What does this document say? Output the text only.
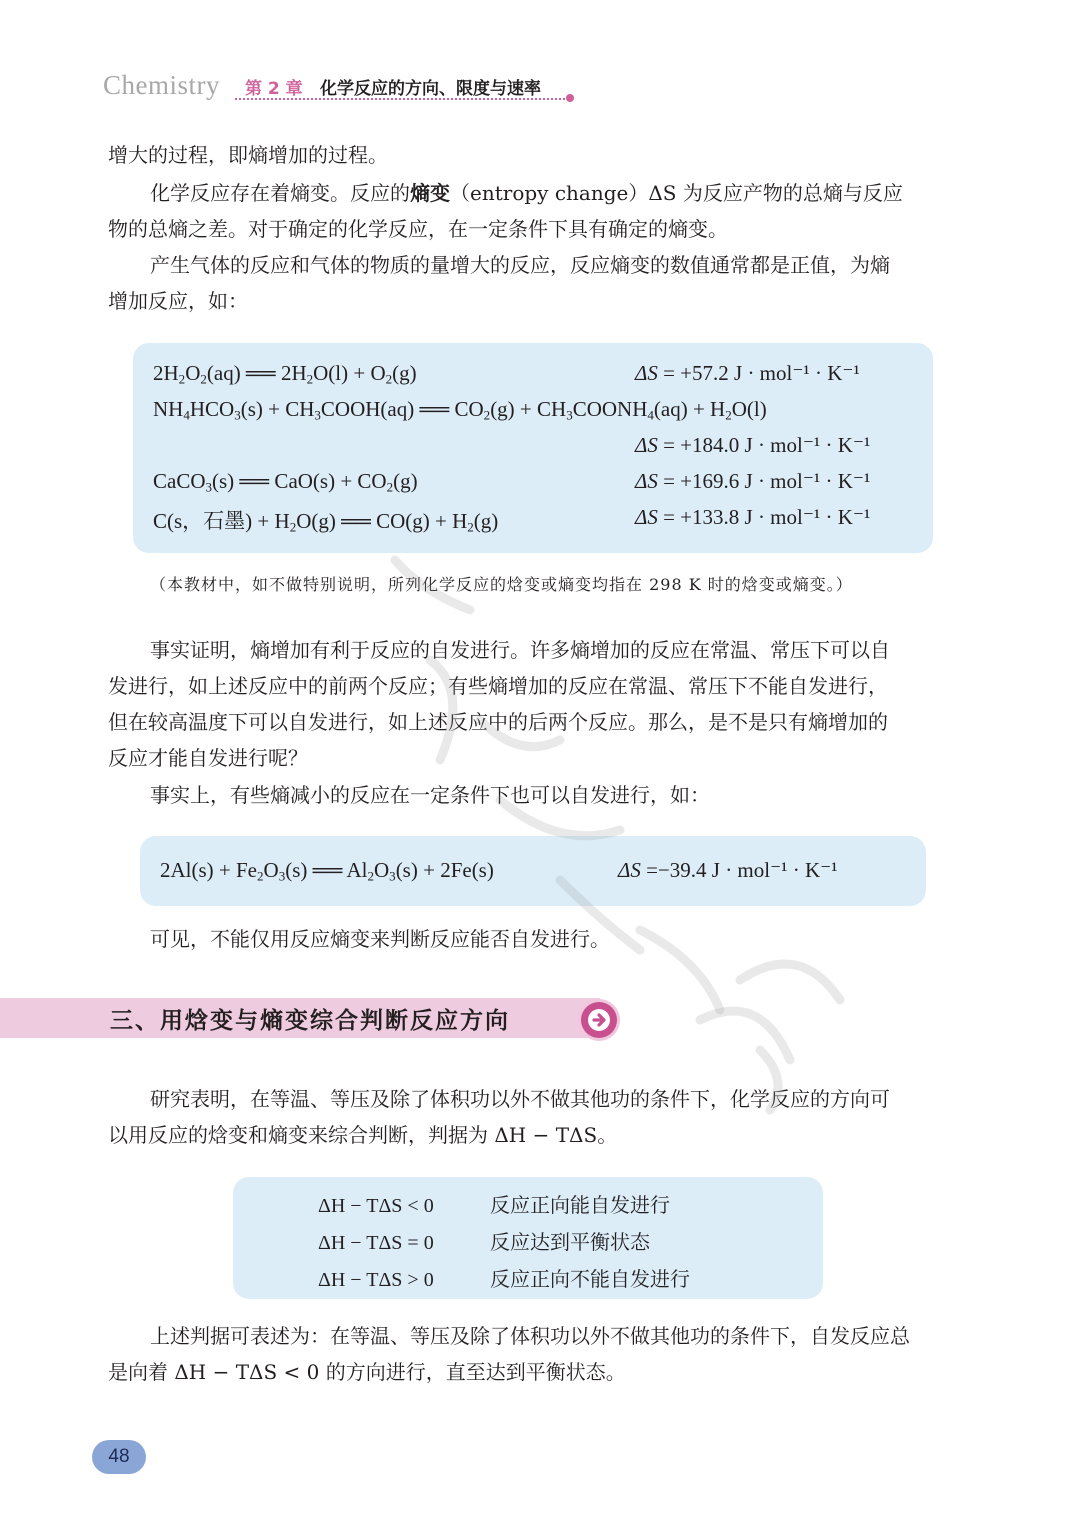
Chemistry 第 2 章 化学反应的方向、限度与速率
增大的过程，即熵增加的过程。
化学反应存在着熵变。反应的熵变（entropy change）ΔS 为反应产物的总熵与反应
物的总熵之差。对于确定的化学反应，在一定条件下具有确定的熵变。
产生气体的反应和气体的物质的量增大的反应，反应熵变的数值通常都是正值，为熵
增加反应，如：
$2H_2O_2(aq)$ ══ $2H_2O(l) + O_2(g)$	ΔS = +57.2 J · mol⁻¹ · K⁻¹
$NH_4HCO_3(s)$ + $CH_3COOH(aq)$ ══ $CO_2(g)$ + $CH_3COONH_4(aq) + H_2O(l)$
ΔS = +184.0 J · mol⁻¹ · K⁻¹
CaCO$_3$(s) ══ $CaO(s) + CO_2(g)$	ΔS = +169.6 J · mol⁻¹ · K⁻¹
C(s，石墨) + $H_2O(g)$ ══ $CO(g) + H_2(g)$	ΔS = +133.8 J · mol⁻¹ · K⁻¹
（本教材中，如不做特别说明，所列化学反应的焓变或熵变均指在 298 K 时的焓变或熵变。）
事实证明，熵增加有利于反应的自发进行。许多熵增加的反应在常温、常压下可以自
发进行，如上述反应中的前两个反应；有些熵增加的反应在常温、常压下不能自发进行，
但在较高温度下可以自发进行，如上述反应中的后两个反应。那么，是不是只有熵增加的
反应才能自发进行呢？
事实上，有些熵减小的反应在一定条件下也可以自发进行，如：
$2Al(s) + Fe_2O_3(s)$ ══ $Al_2O_3(s) + 2Fe(s)$	ΔS =−39.4 J · mol⁻¹ · K⁻¹
可见，不能仅用反应熵变来判断反应能否自发进行。
三、用焓变与熵变综合判断反应方向
研究表明，在等温、等压及除了体积功以外不做其他功的条件下，化学反应的方向可
以用反应的焓变和熵变来综合判断，判据为 ΔH − TΔS。
ΔH − TΔS < 0	反应正向能自发进行
ΔH − TΔS = 0	反应达到平衡状态
ΔH − TΔS > 0	反应正向不能自发进行
上述判据可表述为：在等温、等压及除了体积功以外不做其他功的条件下，自发反应总
是向着 ΔH − TΔS < 0 的方向进行，直至达到平衡状态。
48
